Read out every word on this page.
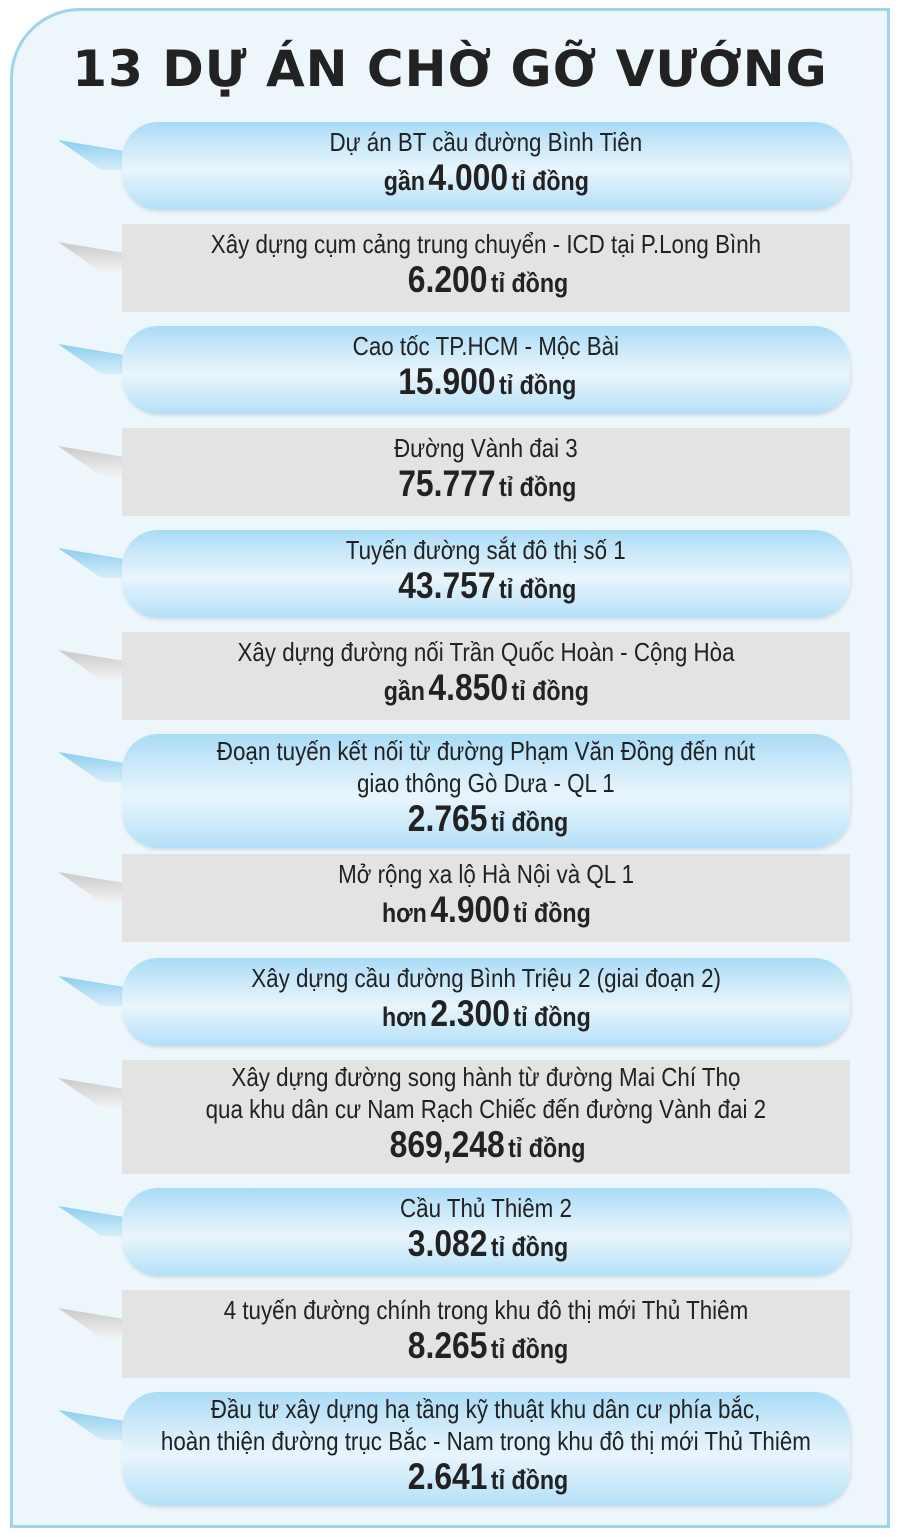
13 DỰ ÁN CHỜ GỠ VƯỚNG
Dự án BT cầu đường Bình Tiên
gần4.000 tỉ đồng
Xây dựng cụm cảng trung chuyển - ICD tại P.Long Bình
6.200 tỉ đồng
Cao tốc TP.HCM - Mộc Bài
15.900 tỉ đồng
Đường Vành đai 3
75.777 tỉ đồng
Tuyến đường sắt đô thị số 1
43.757 tỉ đồng
Xây dựng đường nối Trần Quốc Hoàn - Cộng Hòa
gần4.850 tỉ đồng
Đoạn tuyến kết nối từ đường Phạm Văn Đồng đến nút
giao thông Gò Dưa - QL 1
2.765 tỉ đồng
Mở rộng xa lộ Hà Nội và QL 1
hơn4.900 tỉ đồng
Xây dựng cầu đường Bình Triệu 2 (giai đoạn 2)
hơn2.300 tỉ đồng
Xây dựng đường song hành từ đường Mai Chí Thọ
qua khu dân cư Nam Rạch Chiếc đến đường Vành đai 2
869,248 tỉ đồng
Cầu Thủ Thiêm 2
3.082 tỉ đồng
4 tuyến đường chính trong khu đô thị mới Thủ Thiêm
8.265 tỉ đồng
Đầu tư xây dựng hạ tầng kỹ thuật khu dân cư phía bắc,
hoàn thiện đường trục Bắc - Nam trong khu đô thị mới Thủ Thiêm
2.641 tỉ đồng
